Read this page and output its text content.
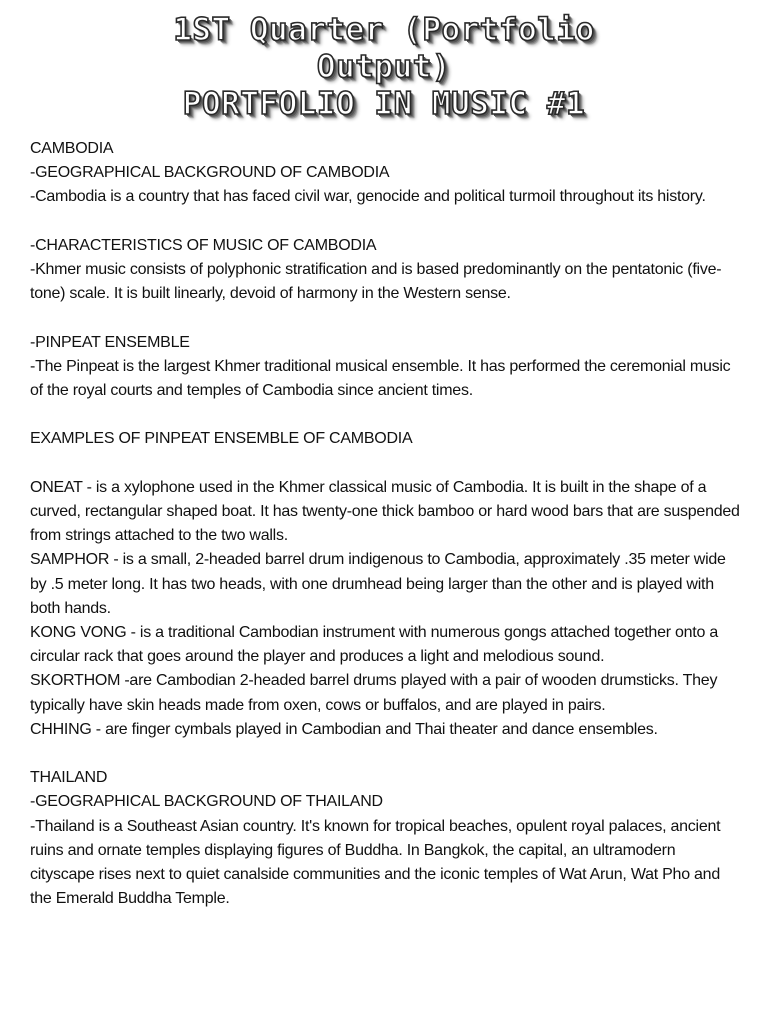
1ST Quarter (Portfolio
Output)
PORTFOLIO IN MUSIC #1

CAMBODIA

-GEOGRAPHICAL BACKGROUND OF CAMBODIA

-Cambodia is a country that has faced civil war, genocide and political turmoil throughout its history.

-CHARACTERISTICS OF MUSIC OF CAMBODIA

-Khmer music consists of polyphonic stratification and is based predominantly on the pentatonic (five-tone) scale. It is built linearly, devoid of harmony in the Western sense.

-PINPEAT ENSEMBLE

-The Pinpeat is the largest Khmer traditional musical ensemble. It has performed the ceremonial music of the royal courts and temples of Cambodia since ancient times.

EXAMPLES OF PINPEAT ENSEMBLE OF CAMBODIA

ONEAT - is a xylophone used in the Khmer classical music of Cambodia. It is built in the shape of a curved, rectangular shaped boat. It has twenty-one thick bamboo or hard wood bars that are suspended from strings attached to the two walls.

SAMPHOR - is a small, 2-headed barrel drum indigenous to Cambodia, approximately .35 meter wide by .5 meter long. It has two heads, with one drumhead being larger than the other and is played with both hands.

KONG VONG - is a traditional Cambodian instrument with numerous gongs attached together onto a circular rack that goes around the player and produces a light and melodious sound.

SKORTHOM -are Cambodian 2-headed barrel drums played with a pair of wooden drumsticks. They typically have skin heads made from oxen, cows or buffalos, and are played in pairs.

CHHING - are finger cymbals played in Cambodian and Thai theater and dance ensembles.

THAILAND

-GEOGRAPHICAL BACKGROUND OF THAILAND

-Thailand is a Southeast Asian country. It's known for tropical beaches, opulent royal palaces, ancient ruins and ornate temples displaying figures of Buddha. In Bangkok, the capital, an ultramodern cityscape rises next to quiet canalside communities and the iconic temples of Wat Arun, Wat Pho and the Emerald Buddha Temple.
